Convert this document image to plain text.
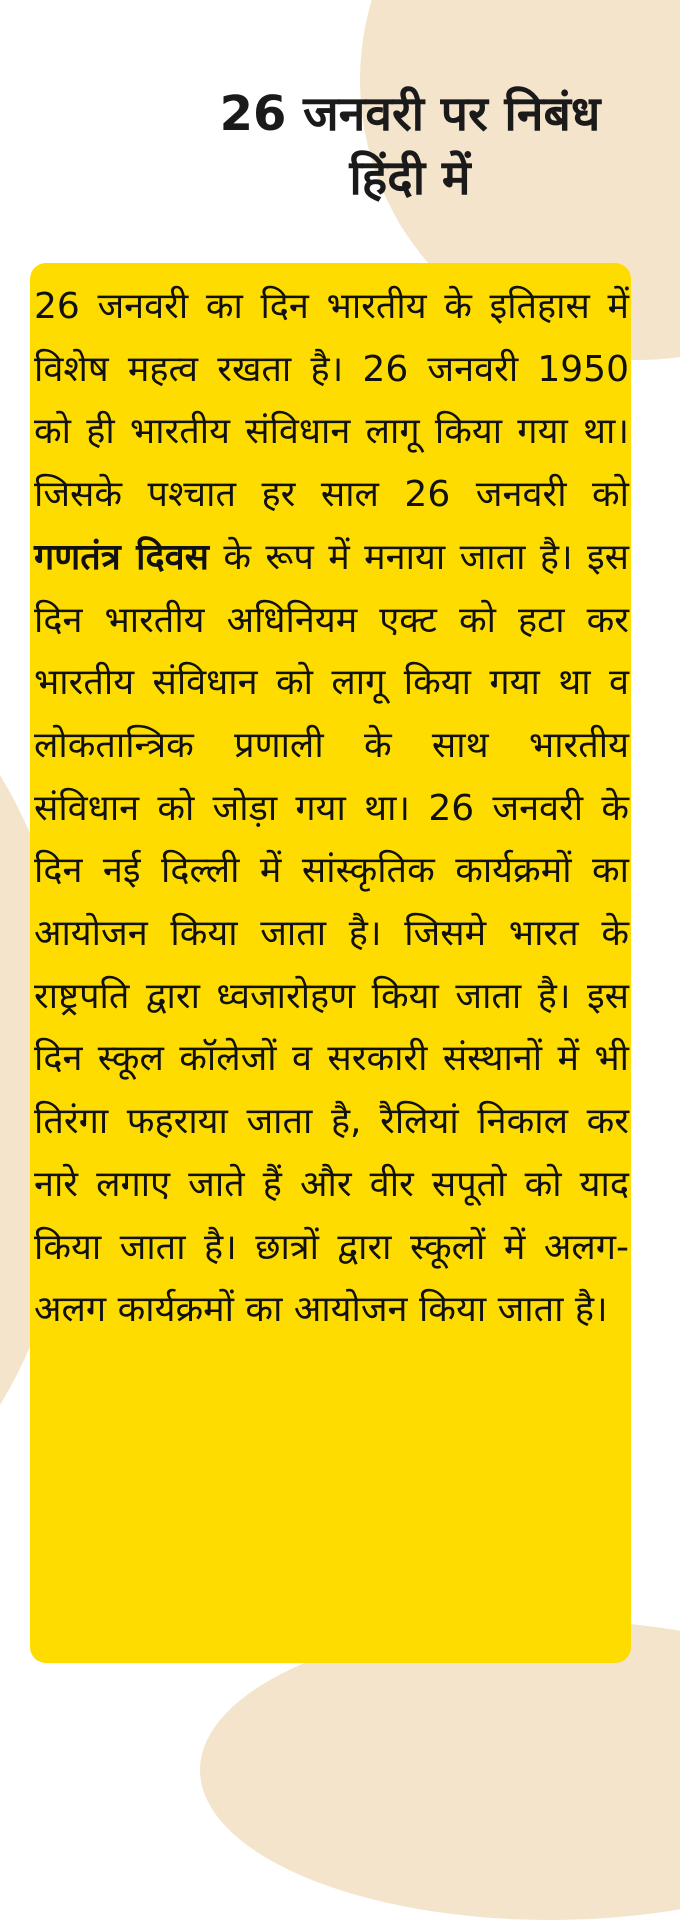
26 जनवरी पर निबंध
हिंदी में

26 जनवरी का दिन भारतीय के इतिहास में विशेष महत्व रखता है। 26 जनवरी 1950 को ही भारतीय संविधान लागू किया गया था। जिसके पश्चात हर साल 26 जनवरी को गणतंत्र दिवस के रूप में मनाया जाता है। इस दिन भारतीय अधिनियम एक्ट को हटा कर भारतीय संविधान को लागू किया गया था व लोकतान्त्रिक प्रणाली के साथ भारतीय संविधान को जोड़ा गया था। 26 जनवरी के दिन नई दिल्ली में सांस्कृतिक कार्यक्रमों का आयोजन किया जाता है। जिसमे भारत के राष्ट्रपति द्वारा ध्वजारोहण किया जाता है। इस दिन स्कूल कॉलेजों व सरकारी संस्थानों में भी तिरंगा फहराया जाता है, रैलियां निकाल कर नारे लगाए जाते हैं और वीर सपूतो को याद किया जाता है। छात्रों द्वारा स्कूलों में अलग-अलग कार्यक्रमों का आयोजन किया जाता है।
